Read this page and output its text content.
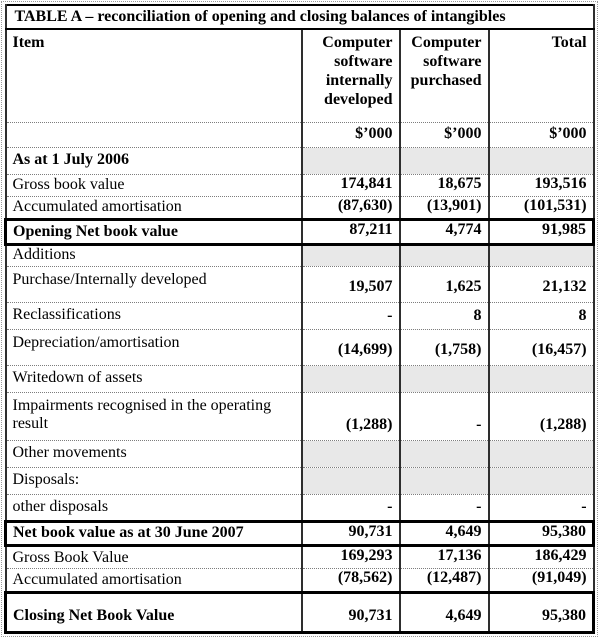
TABLE A – reconciliation of opening and closing balances of intangibles			
Item	Computer software internally developed	Computer software purchased	Total
	$’000	$’000	$’000
As at 1 July 2006			
Gross book value	174,841	18,675	193,516
Accumulated amortisation	(87,630)	(13,901)	(101,531)
Opening Net book value	87,211	4,774	91,985
Additions			
Purchase/Internally developed	19,507	1,625	21,132
Reclassifications	-	8	8
Depreciation/amortisation	(14,699)	(1,758)	(16,457)
Writedown of assets			
Impairments recognised in the operating result	(1,288)	-	(1,288)
Other movements			
Disposals:			
other disposals	-	-	-
Net book value as at 30 June 2007	90,731	4,649	95,380
Gross Book Value	169,293	17,136	186,429
Accumulated amortisation	(78,562)	(12,487)	(91,049)
Closing Net Book Value	90,731	4,649	95,380
